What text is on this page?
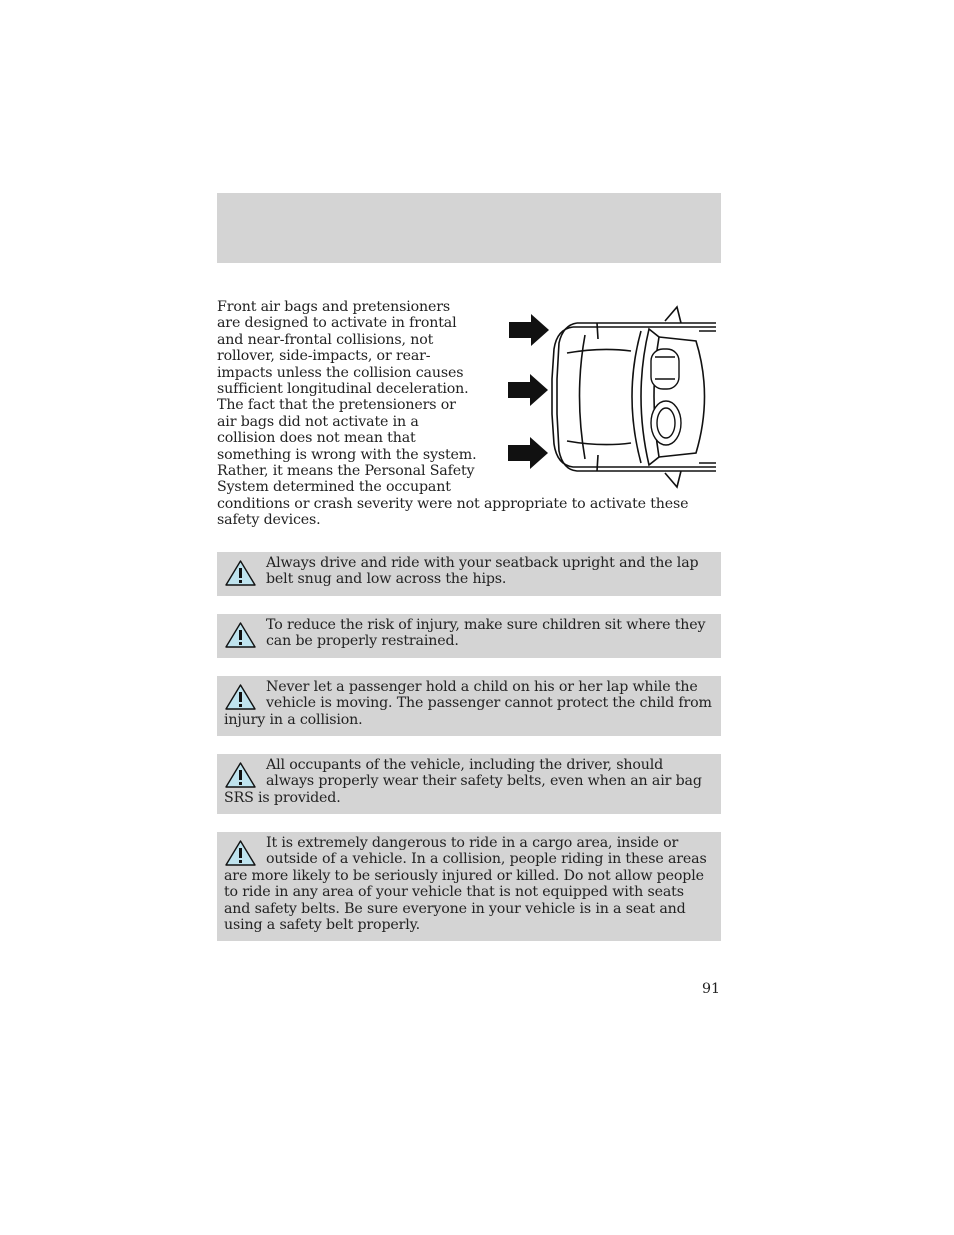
Front air bags and pretensioners are designed to activate in frontal and near-frontal collisions, not rollover, side-impacts, or rear-impacts unless the collision causes sufficient longitudinal deceleration. The fact that the pretensioners or air bags did not activate in a collision does not mean that something is wrong with the system. Rather, it means the Personal Safety System determined the occupant conditions or crash severity were not appropriate to activate these safety devices.
Always drive and ride with your seatback upright and the lap belt snug and low across the hips.
To reduce the risk of injury, make sure children sit where they can be properly restrained.
Never let a passenger hold a child on his or her lap while the vehicle is moving. The passenger cannot protect the child from injury in a collision.
All occupants of the vehicle, including the driver, should always properly wear their safety belts, even when an air bag SRS is provided.
It is extremely dangerous to ride in a cargo area, inside or outside of a vehicle. In a collision, people riding in these areas are more likely to be seriously injured or killed. Do not allow people to ride in any area of your vehicle that is not equipped with seats and safety belts. Be sure everyone in your vehicle is in a seat and using a safety belt properly.
91
